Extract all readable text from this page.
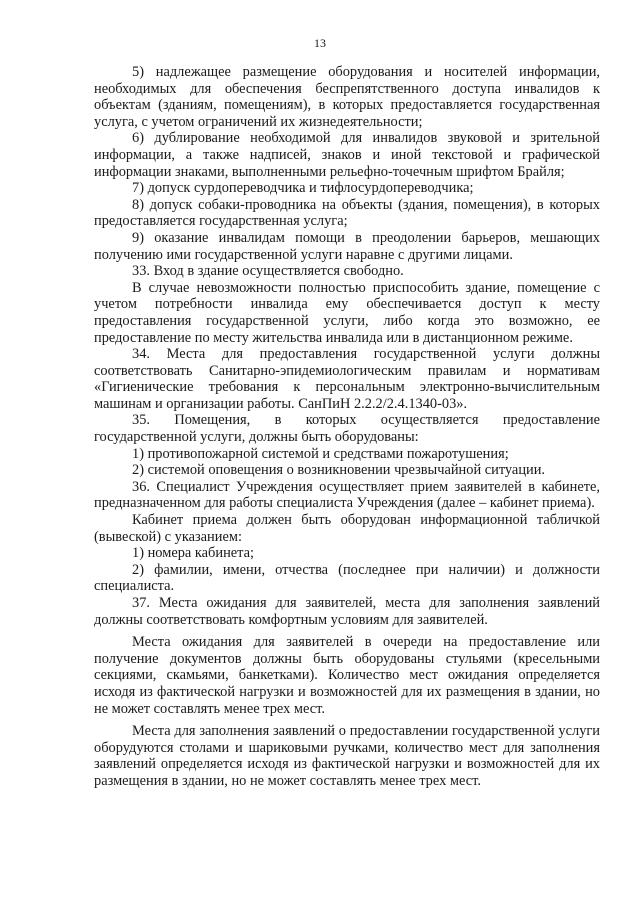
13

5) надлежащее размещение оборудования и носителей информации, необходимых для обеспечения беспрепятственного доступа инвалидов к объектам (зданиям, помещениям), в которых предоставляется государственная услуга, с учетом ограничений их жизнедеятельности;

6) дублирование необходимой для инвалидов звуковой и зрительной информации, а также надписей, знаков и иной текстовой и графической информации знаками, выполненными рельефно-точечным шрифтом Брайля;

7) допуск сурдопереводчика и тифлосурдопереводчика;

8) допуск собаки-проводника на объекты (здания, помещения), в которых предоставляется государственная услуга;

9) оказание инвалидам помощи в преодолении барьеров, мешающих получению ими государственной услуги наравне с другими лицами.

33. Вход в здание осуществляется свободно.

В случае невозможности полностью приспособить здание, помещение с учетом потребности инвалида ему обеспечивается доступ к месту предоставления государственной услуги, либо когда это возможно, ее предоставление по месту жительства инвалида или в дистанционном режиме.

34. Места для предоставления государственной услуги должны соответствовать Санитарно-эпидемиологическим правилам и нормативам «Гигиенические требования к персональным электронно-вычислительным машинам и организации работы. СанПиН 2.2.2/2.4.1340-03».

35. Помещения, в которых осуществляется предоставление государственной услуги, должны быть оборудованы:

1) противопожарной системой и средствами пожаротушения;

2) системой оповещения о возникновении чрезвычайной ситуации.

36. Специалист Учреждения осуществляет прием заявителей в кабинете, предназначенном для работы специалиста Учреждения (далее – кабинет приема).

Кабинет приема должен быть оборудован информационной табличкой (вывеской) с указанием:

1) номера кабинета;

2) фамилии, имени, отчества (последнее при наличии) и должности специалиста.

37. Места ожидания для заявителей, места для заполнения заявлений должны соответствовать комфортным условиям для заявителей.

Места ожидания для заявителей в очереди на предоставление или получение документов должны быть оборудованы стульями (кресельными секциями, скамьями, банкетками). Количество мест ожидания определяется исходя из фактической нагрузки и возможностей для их размещения в здании, но не может составлять менее трех мест.

Места для заполнения заявлений о предоставлении государственной услуги оборудуются столами и шариковыми ручками, количество мест для заполнения заявлений определяется исходя из фактической нагрузки и возможностей для их размещения в здании, но не может составлять менее трех мест.
